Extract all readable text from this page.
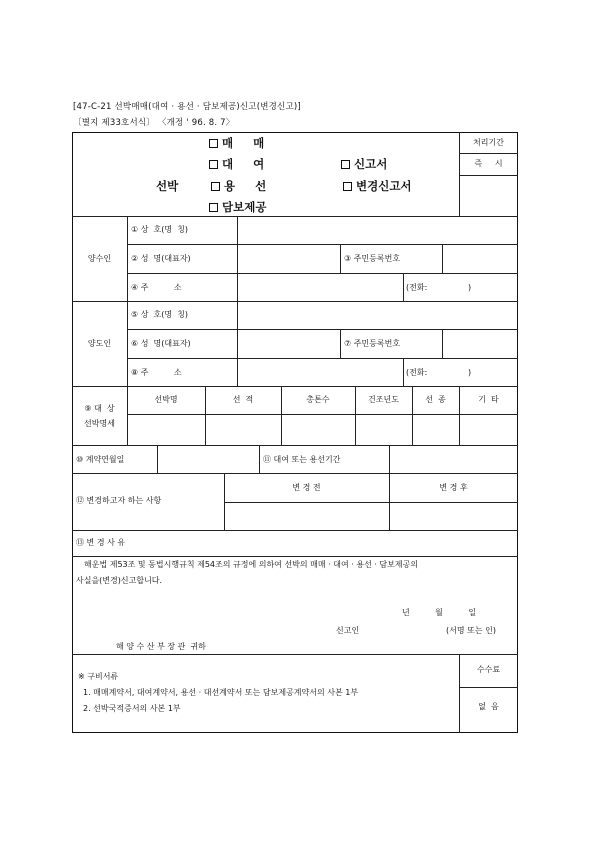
[47-C-21 선박매매(대여 · 용선 · 담보제공)신고(변경신고)]
〔별지 제33호서식〕 〈개정 ' 96. 8. 7〉
매     매
대     여
용     선
담보제공
선박
신고서
변경신고서
처리기간
즉     시
양수인
① 상  호(명  칭)
② 성  명(대표자)	③ 주민등록번호
④ 주          소	(전화:                )
양도인
⑤ 상  호(명  칭)
⑥ 성  명(대표자)	⑦ 주민등록번호
⑧ 주          소	(전화:                )
⑨ 대  상
선박명세
선박명	선  적	총톤수	건조년도	선  종	기  타
⑩ 계약연월일	⑪ 대여 또는 용선기간
⑫ 변경하고자 하는 사항
변 경 전	변 경 후
⑬ 변 경 사 유
해운법 제53조 및 동법시행규칙 제54조의 규정에 의하여 선박의 매매 · 대여 · 용선 · 담보제공의
사실을(변경)신고합니다.
년          월          일
신고인	(서명 또는 인)
해 양 수 산 부 장 관  귀하
※ 구비서류
1. 매매계약서, 대여계약서, 용선 · 대선계약서 또는 담보제공계약서의 사본 1부
2. 선박국적증서의 사본 1부
수수료
없  음
